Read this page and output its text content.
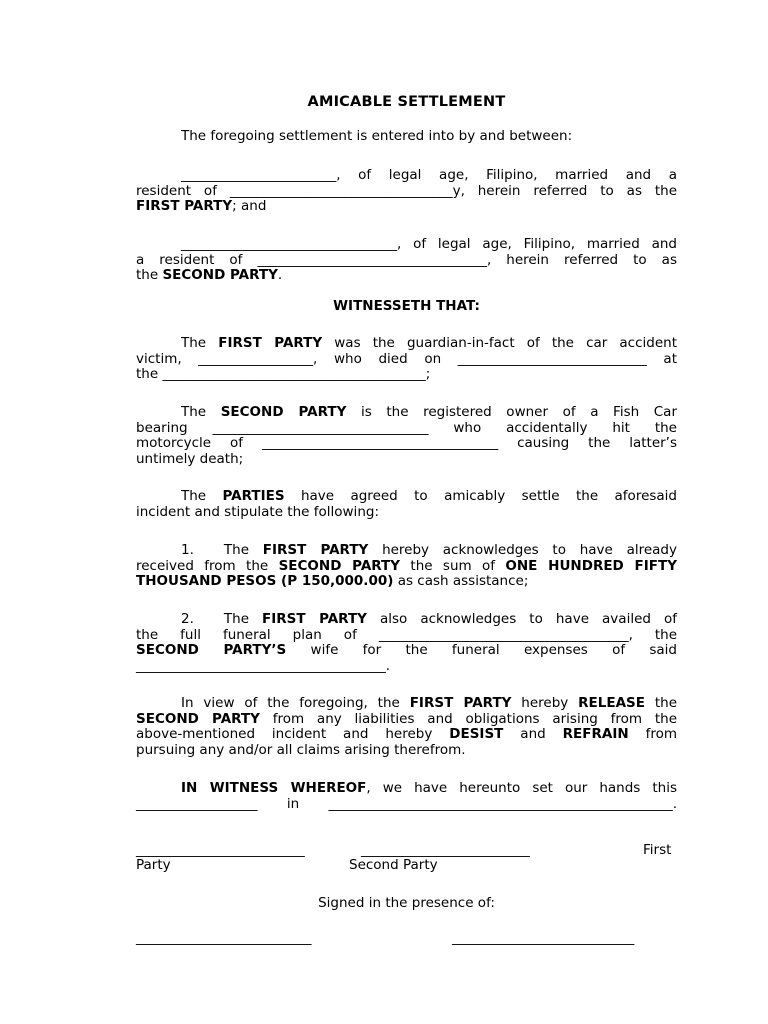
AMICABLE SETTLEMENT
The foregoing settlement is entered into by and between:
_______________________, of legal age, Filipino, married and a
resident of _________________________________y, herein referred to as the
FIRST PARTY; and
________________________________, of legal age, Filipino, married and
a resident of __________________________________, herein referred to as
the SECOND PARTY.
WITNESSETH THAT:
The FIRST PARTY was the guardian-in-fact of the car accident
victim, _________________, who died on ____________________________ at
the _______________________________________;
The SECOND PARTY is the registered owner of a Fish Car
bearing ________________________________ who accidentally hit the
motorcycle of ___________________________________ causing the latter’s
untimely death;
The PARTIES have agreed to amicably settle the aforesaid
incident and stipulate the following:
1. The FIRST PARTY hereby acknowledges to have already
received from the SECOND PARTY the sum of ONE HUNDRED FIFTY
THOUSAND PESOS (P 150,000.00) as cash assistance;
2. The FIRST PARTY also acknowledges to have availed of
the full funeral plan of _____________________________________, the
SECOND PARTY’S wife for the funeral expenses of said
_____________________________________.
In view of the foregoing, the FIRST PARTY hereby RELEASE the
SECOND PARTY from any liabilities and obligations arising from the
above-mentioned incident and hereby DESIST and REFRAIN from
pursuing any and/or all claims arising therefrom.
IN WITNESS WHEREOF, we have hereunto set our hands this
__________________ in ___________________________________________________.
_________________________	_________________________	First
Party	Second Party
Signed in the presence of:
__________________________	___________________________
